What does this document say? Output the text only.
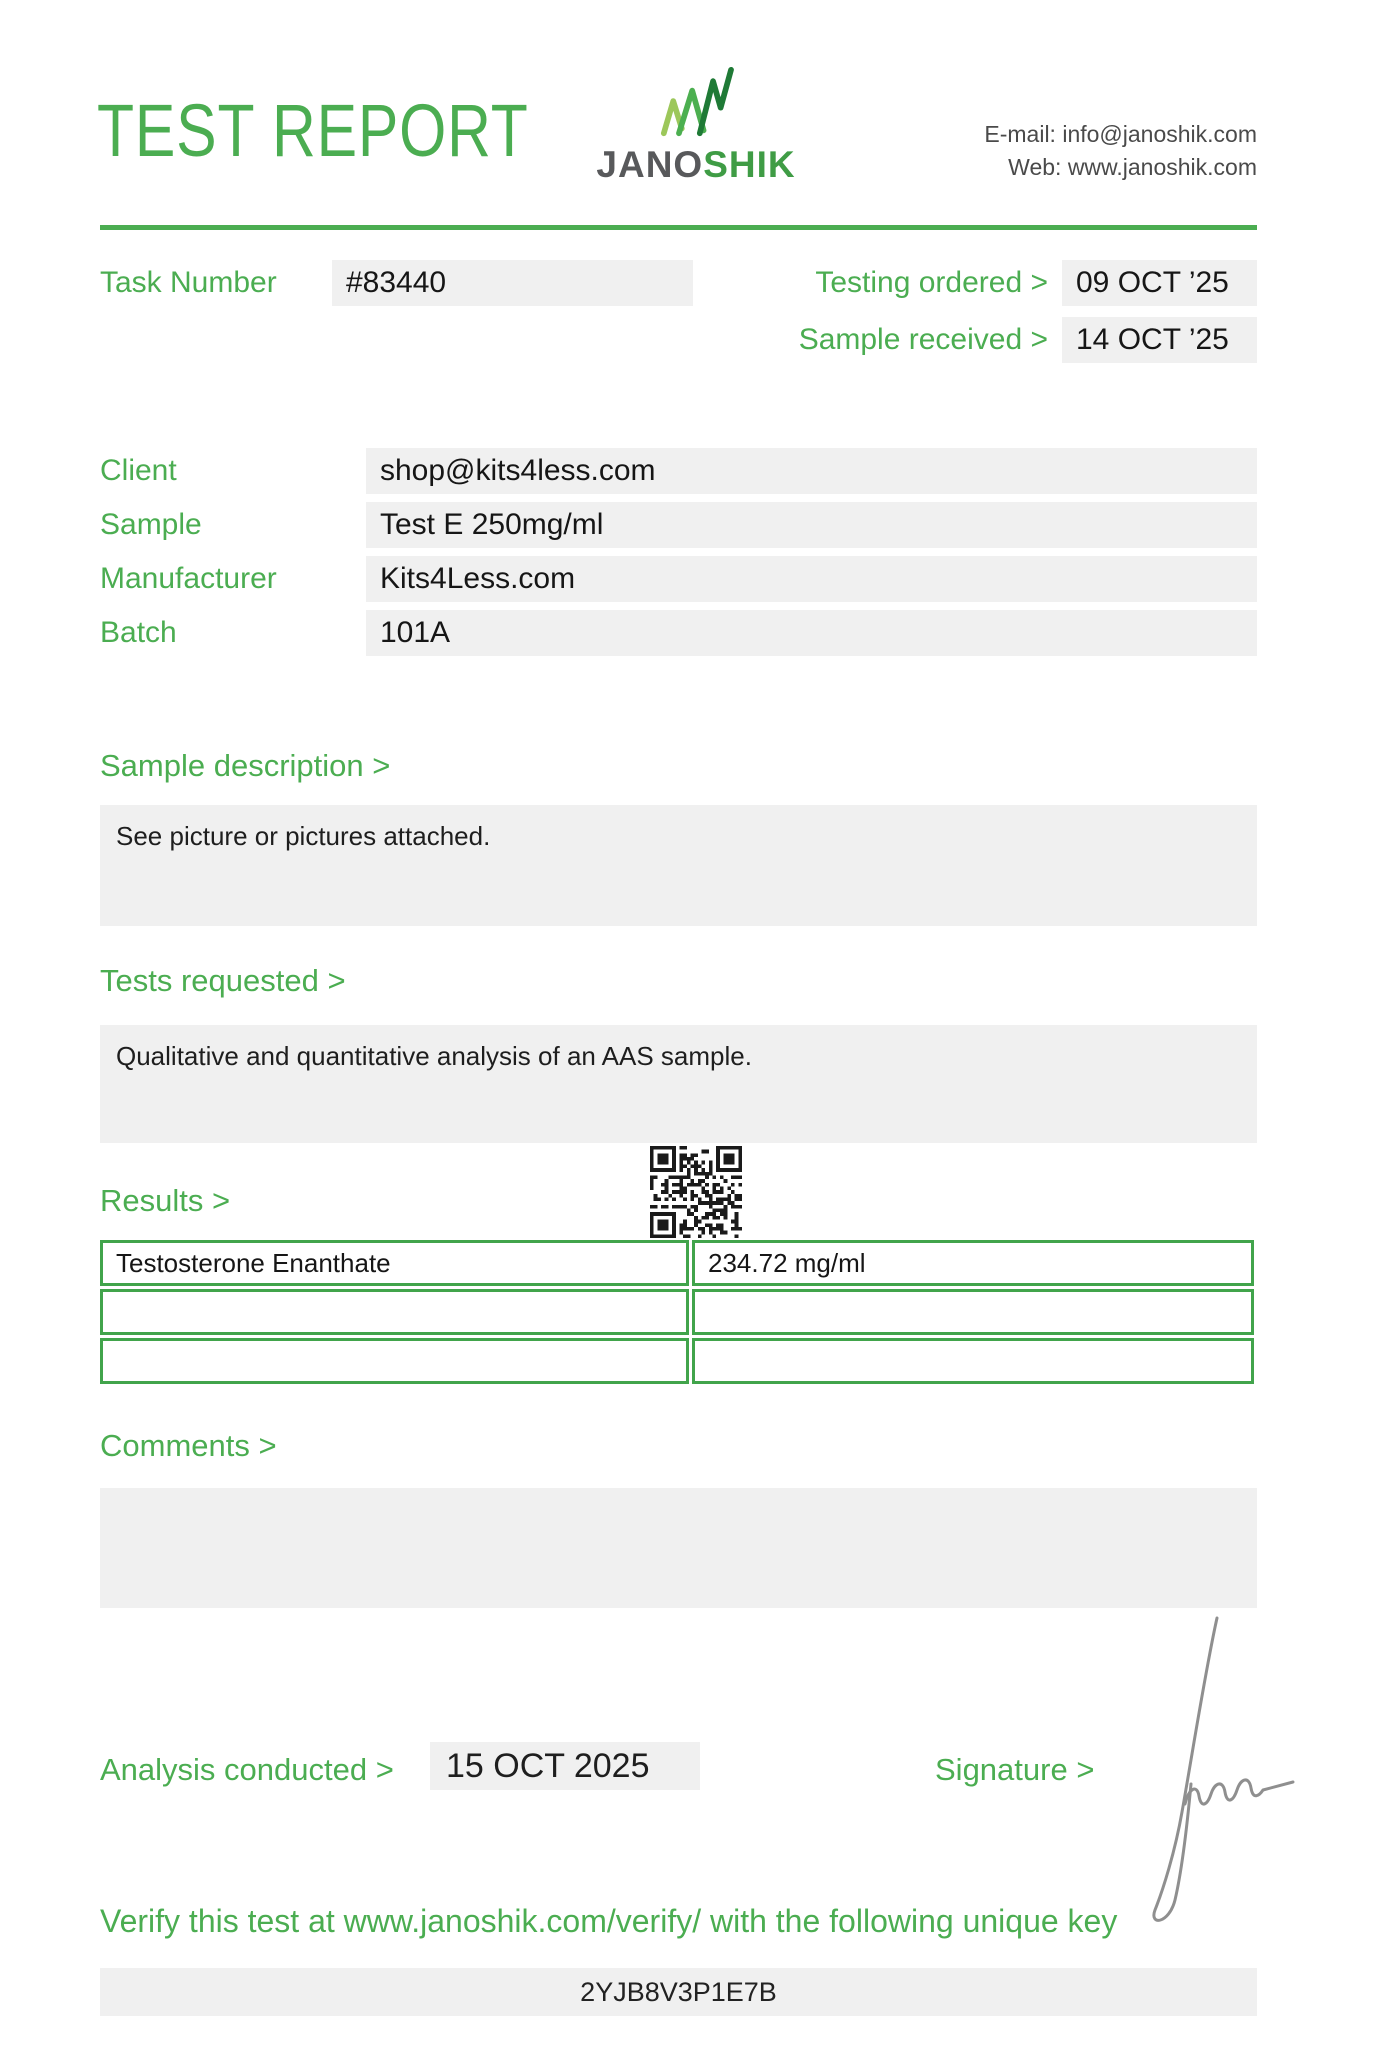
TEST REPORT JANOSHIK
E-mail: info@janoshik.com
Web: www.janoshik.com
Task Number	#83440	Testing ordered > 09 OCT ’25
Sample received > 14 OCT ’25
Client	shop@kits4less.com
Sample	Test E 250mg/ml
Manufacturer	Kits4Less.com
Batch	101A
Sample description >
See picture or pictures attached.
Tests requested >
Qualitative and quantitative analysis of an AAS sample.
Results >
Testosterone Enanthate	234.72 mg/ml
Comments >
Analysis conducted >	15 OCT 2025	Signature >
Verify this test at www.janoshik.com/verify/ with the following unique key
2YJB8V3P1E7B
